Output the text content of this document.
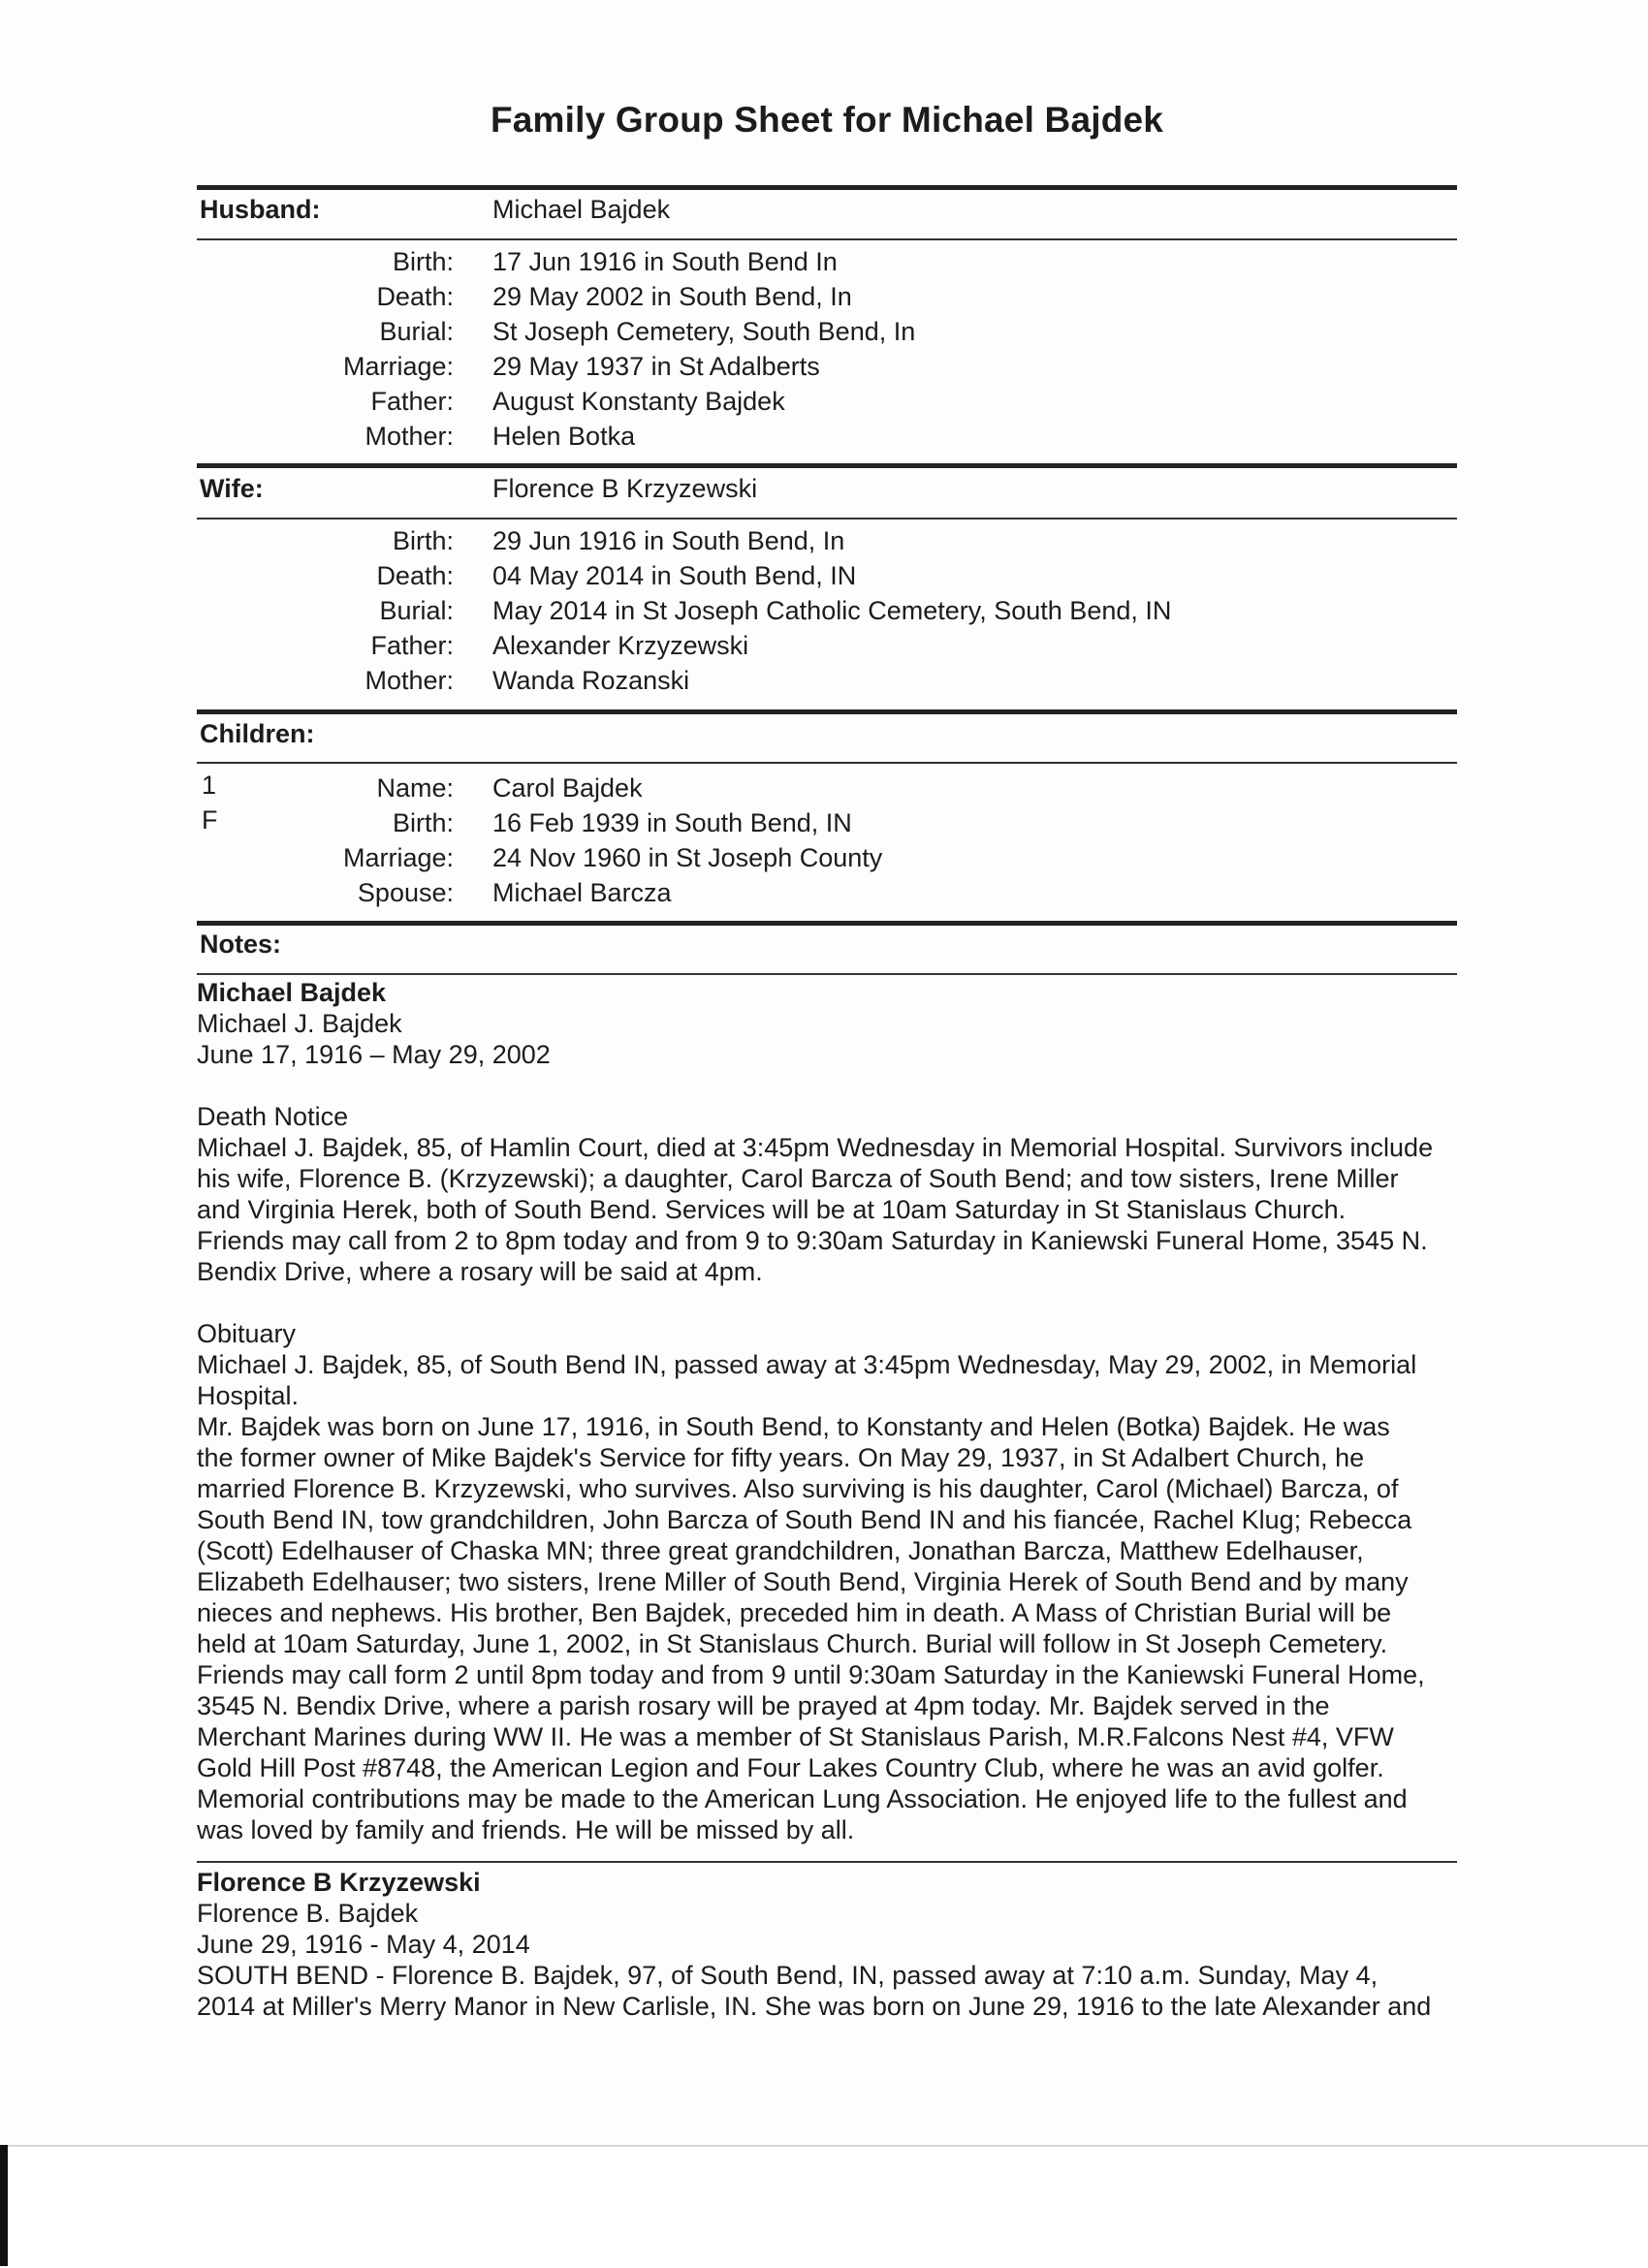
Family Group Sheet for Michael Bajdek
Husband:	Michael Bajdek
Birth: 17 Jun 1916 in South Bend In
Death: 29 May 2002 in South Bend, In
Burial: St Joseph Cemetery, South Bend, In
Marriage: 29 May 1937 in St Adalberts
Father: August Konstanty Bajdek
Mother: Helen Botka
Wife:	Florence B Krzyzewski
Birth: 29 Jun 1916 in South Bend, In
Death: 04 May 2014 in South Bend, IN
Burial: May 2014 in St Joseph Catholic Cemetery, South Bend, IN
Father: Alexander Krzyzewski
Mother: Wanda Rozanski
Children:
1
F
Name: Carol Bajdek
Birth: 16 Feb 1939 in South Bend, IN
Marriage: 24 Nov 1960 in St Joseph County
Spouse: Michael Barcza
Notes:

Michael Bajdek

Michael J. Bajdek

June 17, 1916 – May 29, 2002

Death Notice

Michael J. Bajdek, 85, of Hamlin Court, died at 3:45pm Wednesday in Memorial Hospital. Survivors include

his wife, Florence B. (Krzyzewski); a daughter, Carol Barcza of South Bend; and tow sisters, Irene Miller

and Virginia Herek, both of South Bend. Services will be at 10am Saturday in St Stanislaus Church.

Friends may call from 2 to 8pm today and from 9 to 9:30am Saturday in Kaniewski Funeral Home, 3545 N.

Bendix Drive, where a rosary will be said at 4pm.

Obituary

Michael J. Bajdek, 85, of South Bend IN, passed away at 3:45pm Wednesday, May 29, 2002, in Memorial

Hospital.

Mr. Bajdek was born on June 17, 1916, in South Bend, to Konstanty and Helen (Botka) Bajdek. He was

the former owner of Mike Bajdek's Service for fifty years. On May 29, 1937, in St Adalbert Church, he

married Florence B. Krzyzewski, who survives. Also surviving is his daughter, Carol (Michael) Barcza, of

South Bend IN, tow grandchildren, John Barcza of South Bend IN and his fiancée, Rachel Klug; Rebecca

(Scott) Edelhauser of Chaska MN; three great grandchildren, Jonathan Barcza, Matthew Edelhauser,

Elizabeth Edelhauser; two sisters, Irene Miller of South Bend, Virginia Herek of South Bend and by many

nieces and nephews. His brother, Ben Bajdek, preceded him in death. A Mass of Christian Burial will be

held at 10am Saturday, June 1, 2002, in St Stanislaus Church. Burial will follow in St Joseph Cemetery.

Friends may call form 2 until 8pm today and from 9 until 9:30am Saturday in the Kaniewski Funeral Home,

3545 N. Bendix Drive, where a parish rosary will be prayed at 4pm today. Mr. Bajdek served in the

Merchant Marines during WW II. He was a member of St Stanislaus Parish, M.R.Falcons Nest #4, VFW

Gold Hill Post #8748, the American Legion and Four Lakes Country Club, where he was an avid golfer.

Memorial contributions may be made to the American Lung Association. He enjoyed life to the fullest and

was loved by family and friends. He will be missed by all.

Florence B Krzyzewski

Florence B. Bajdek

June 29, 1916 - May 4, 2014

SOUTH BEND - Florence B. Bajdek, 97, of South Bend, IN, passed away at 7:10 a.m. Sunday, May 4,

2014 at Miller's Merry Manor in New Carlisle, IN. She was born on June 29, 1916 to the late Alexander and
